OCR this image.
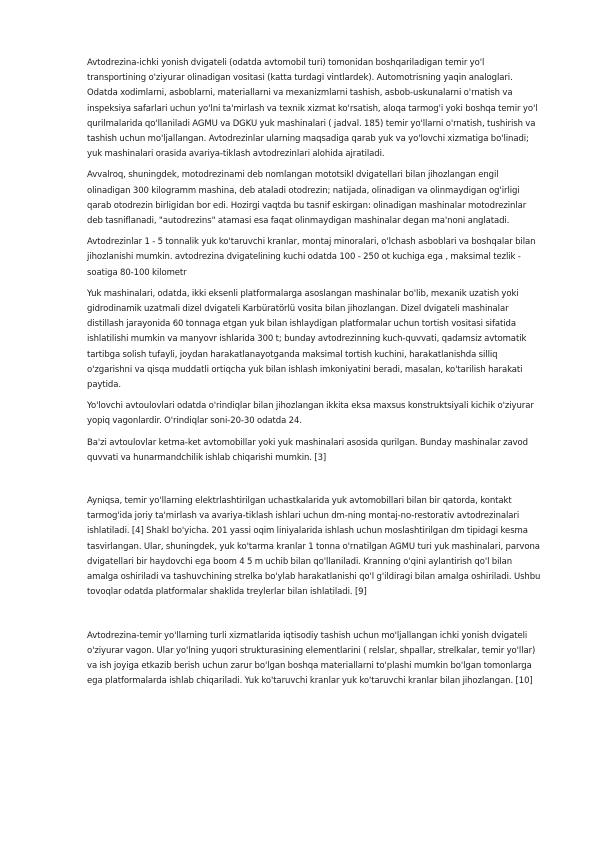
Avtodrezina-ichki yonish dvigateli (odatda avtomobil turi) tomonidan boshqariladigan temir yo'l transportining o'ziyurar olinadigan vositasi (katta turdagi vintlardek). Automotrisning yaqin analoglari. Odatda xodimlarni, asboblarni, materiallarni va mexanizmlarni tashish, asbob-uskunalarni o'rnatish va inspeksiya safarlari uchun yo'lni ta'mirlash va texnik xizmat ko'rsatish, aloqa tarmog'i yoki boshqa temir yo'l qurilmalarida qo'llaniladi AGMU va DGKU yuk mashinalari ( jadval. 185) temir yo'llarni o'rnatish, tushirish va tashish uchun mo'ljallangan. Avtodrezinlar ularning maqsadiga qarab yuk va yo'lovchi xizmatiga bo'linadi; yuk mashinalari orasida avariya-tiklash avtodrezinlari alohida ajratiladi.

Avvalroq, shuningdek, motodrezinami deb nomlangan mototsikl dvigatellari bilan jihozlangan engil olinadigan 300 kilogramm mashina, deb ataladi otodrezin; natijada, olinadigan va olinmaydigan og'irligi qarab otodrezin birligidan bor edi. Hozirgi vaqtda bu tasnif eskirgan: olinadigan mashinalar motodrezinlar deb tasniflanadi, "autodrezins" atamasi esa faqat olinmaydigan mashinalar degan ma'noni anglatadi.

Avtodrezinlar 1 - 5 tonnalik yuk ko'taruvchi kranlar, montaj minoralari, o'lchash asboblari va boshqalar bilan jihozlanishi mumkin. avtodrezina dvigatelining kuchi odatda 100 - 250 ot kuchiga ega , maksimal tezlik - soatiga 80-100 kilometr

Yuk mashinalari, odatda, ikki eksenli platformalarga asoslangan mashinalar bo'lib, mexanik uzatish yoki gidrodinamik uzatmali dizel dvigateli Karbüratörlü vosita bilan jihozlangan. Dizel dvigateli mashinalar distillash jarayonida 60 tonnaga etgan yuk bilan ishlaydigan platformalar uchun tortish vositasi sifatida ishlatilishi mumkin va manyovr ishlarida 300 t; bunday avtodrezinning kuch-quvvati, qadamsiz avtomatik tartibga solish tufayli, joydan harakatlanayotganda maksimal tortish kuchini, harakatlanishda silliq o'zgarishni va qisqa muddatli ortiqcha yuk bilan ishlash imkoniyatini beradi, masalan, ko'tarilish harakati paytida.

Yo'lovchi avtoulovlari odatda o'rindiqlar bilan jihozlangan ikkita eksa maxsus konstruktsiyali kichik o'ziyurar yopiq vagonlardir. O'rindiqlar soni-20-30 odatda 24.

Ba'zi avtoulovlar ketma-ket avtomobillar yoki yuk mashinalari asosida qurilgan. Bunday mashinalar zavod quvvati va hunarmandchilik ishlab chiqarishi mumkin. [3]

Ayniqsa, temir yo'llarning elektrlashtirilgan uchastkalarida yuk avtomobillari bilan bir qatorda, kontakt tarmog'ida joriy ta'mirlash va avariya-tiklash ishlari uchun dm-ning montaj-no-restorativ avtodrezinalari ishlatiladi. [4] Shakl bo'yicha. 201 yassi oqim liniyalarida ishlash uchun moslashtirilgan dm tipidagi kesma tasvirlangan. Ular, shuningdek, yuk ko'tarma kranlar 1 tonna o'rnatilgan AGMU turi yuk mashinalari, parvona dvigatellari bir haydovchi ega boom 4 5 m uchib bilan qo'llaniladi. Kranning o'qini aylantirish qo'l bilan amalga oshiriladi va tashuvchining strelka bo'ylab harakatlanishi qo'l g'ildiragi bilan amalga oshiriladi. Ushbu tovoqlar odatda platformalar shaklida treylerlar bilan ishlatiladi. [9]

Avtodrezina-temir yo'llarning turli xizmatlarida iqtisodiy tashish uchun mo'ljallangan ichki yonish dvigateli o'ziyurar vagon. Ular yo'lning yuqori strukturasining elementlarini ( relslar, shpallar, strelkalar, temir yo'llar) va ish joyiga etkazib berish uchun zarur bo'lgan boshqa materiallarni to'plashi mumkin bo'lgan tomonlarga ega platformalarda ishlab chiqariladi. Yuk ko'taruvchi kranlar yuk ko'taruvchi kranlar bilan jihozlangan. [10]
